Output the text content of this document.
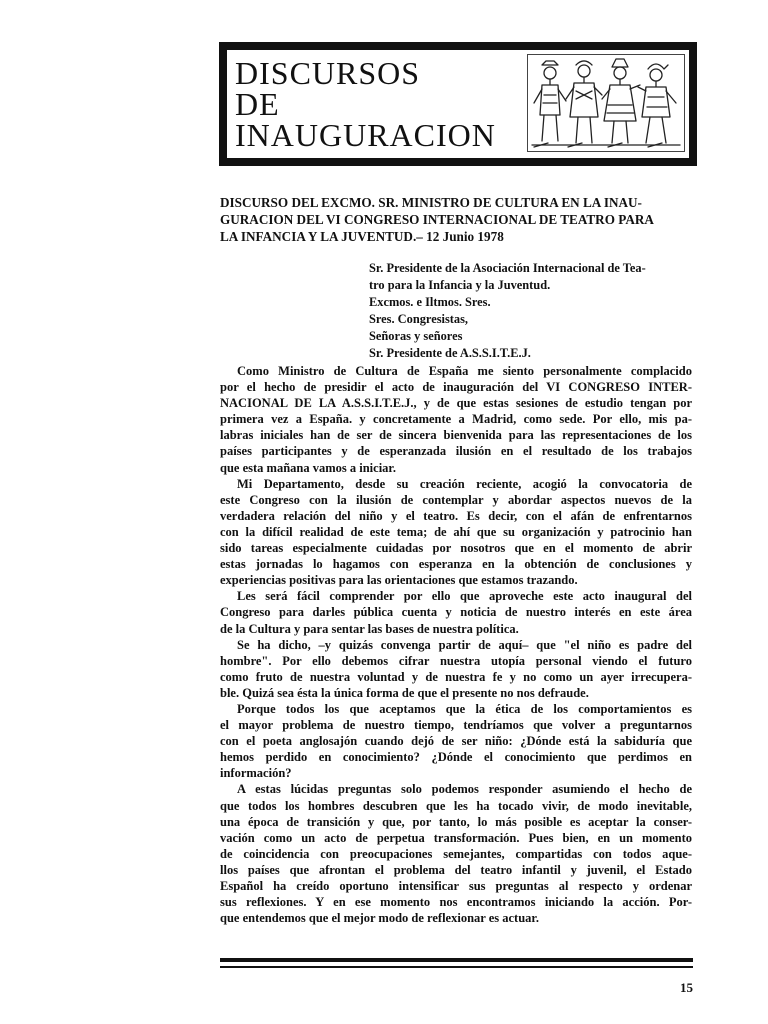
DISCURSOS
DE
INAUGURACION
DISCURSO DEL EXCMO. SR. MINISTRO DE CULTURA EN LA INAU-
GURACION DEL VI CONGRESO INTERNACIONAL DE TEATRO PARA
LA INFANCIA Y LA JUVENTUD.– 12 Junio 1978
Sr. Presidente de la Asociación Internacional de Tea-
tro para la Infancia y la Juventud.
Excmos. e Iltmos. Sres.
Sres. Congresistas,
Señoras y señores
Sr. Presidente de A.S.S.I.T.E.J.
Como Ministro de Cultura de España me siento personalmente complacido
por el hecho de presidir el acto de inauguración del VI CONGRESO INTER-
NACIONAL DE LA A.S.S.I.T.E.J., y de que estas sesiones de estudio tengan por
primera vez a España. y concretamente a Madrid, como sede. Por ello, mis pa-
labras iniciales han de ser de sincera bienvenida para las representaciones de los
países participantes y de esperanzada ilusión en el resultado de los trabajos
que esta mañana vamos a iniciar.
Mi Departamento, desde su creación reciente, acogió la convocatoria de
este Congreso con la ilusión de contemplar y abordar aspectos nuevos de la
verdadera relación del niño y el teatro. Es decir, con el afán de enfrentarnos
con la difícil realidad de este tema; de ahí que su organización y patrocinio han
sido tareas especialmente cuidadas por nosotros que en el momento de abrir
estas jornadas lo hagamos con esperanza en la obtención de conclusiones y
experiencias positivas para las orientaciones que estamos trazando.
Les será fácil comprender por ello que aproveche este acto inaugural del
Congreso para darles pública cuenta y noticia de nuestro interés en este área
de la Cultura y para sentar las bases de nuestra política.
Se ha dicho, –y quizás convenga partir de aquí– que "el niño es padre del
hombre". Por ello debemos cifrar nuestra utopía personal viendo el futuro
como fruto de nuestra voluntad y de nuestra fe y no como un ayer irrecupera-
ble. Quizá sea ésta la única forma de que el presente no nos defraude.
Porque todos los que aceptamos que la ética de los comportamientos es
el mayor problema de nuestro tiempo, tendríamos que volver a preguntarnos
con el poeta anglosajón cuando dejó de ser niño: ¿Dónde está la sabiduría que
hemos perdido en conocimiento? ¿Dónde el conocimiento que perdimos en
información?
A estas lúcidas preguntas solo podemos responder asumiendo el hecho de
que todos los hombres descubren que les ha tocado vivir, de modo inevitable,
una época de transición y que, por tanto, lo más posible es aceptar la conser-
vación como un acto de perpetua transformación. Pues bien, en un momento
de coincidencia con preocupaciones semejantes, compartidas con todos aque-
llos países que afrontan el problema del teatro infantil y juvenil, el Estado
Español ha creído oportuno intensificar sus preguntas al respecto y ordenar
sus reflexiones. Y en ese momento nos encontramos iniciando la acción. Por-
que entendemos que el mejor modo de reflexionar es actuar.
15
